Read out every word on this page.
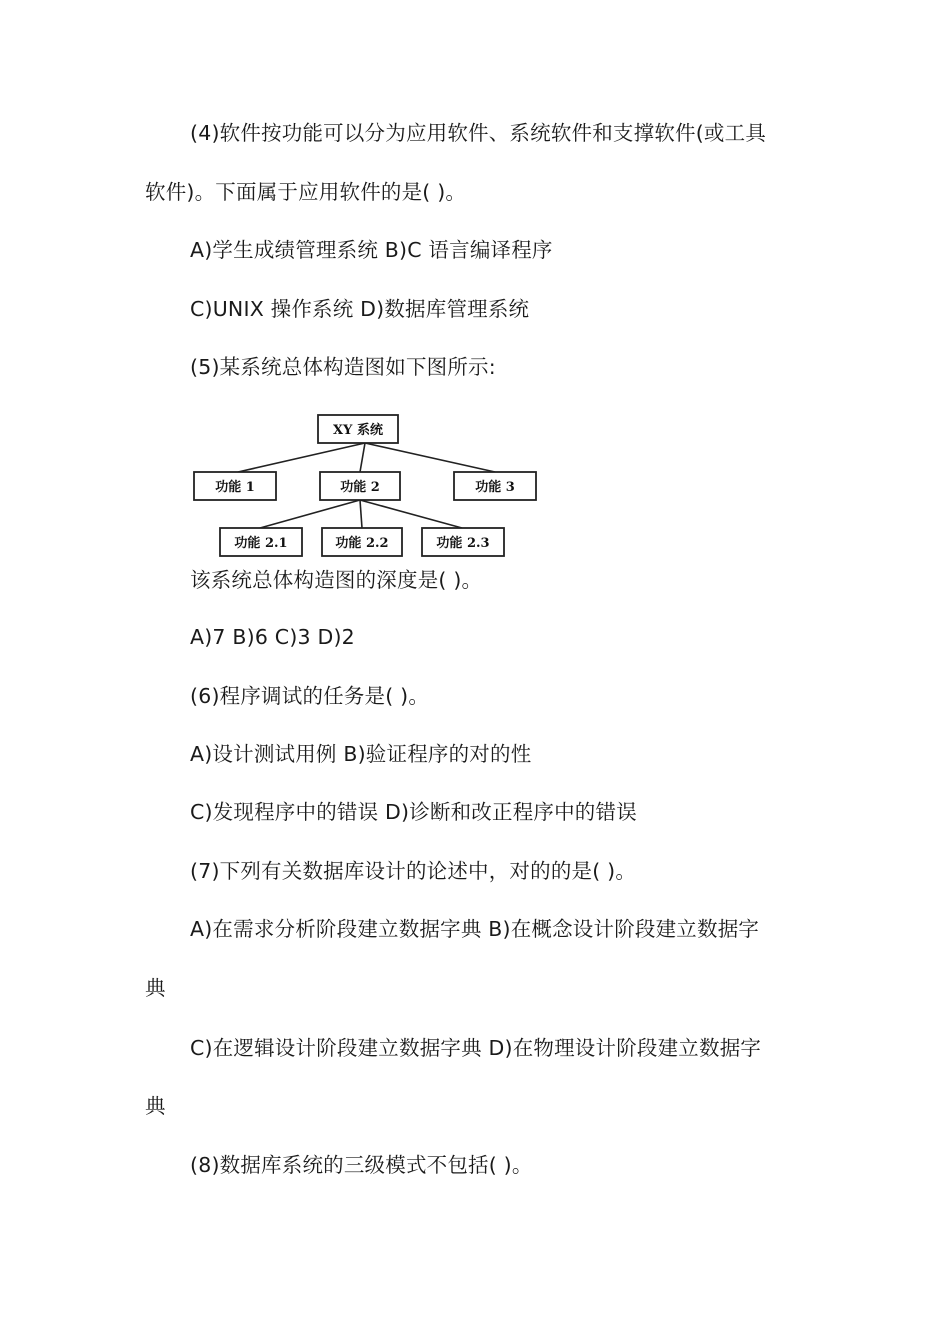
(4)软件按功能可以分为应用软件、系统软件和支撑软件(或工具
软件)。下面属于应用软件的是( )。
A)学生成绩管理系统 B)C 语言编译程序
C)UNIX 操作系统 D)数据库管理系统
(5)某系统总体构造图如下图所示:
XY 系统
功能 1	功能 2	功能 3
功能 2.1	功能 2.2	功能 2.3
该系统总体构造图的深度是( )。
A)7 B)6 C)3 D)2
(6)程序调试的任务是( )。
A)设计测试用例 B)验证程序的对的性
C)发现程序中的错误 D)诊断和改正程序中的错误
(7)下列有关数据库设计的论述中，对的的是( )。
A)在需求分析阶段建立数据字典 B)在概念设计阶段建立数据字
典
C)在逻辑设计阶段建立数据字典 D)在物理设计阶段建立数据字
典
(8)数据库系统的三级模式不包括( )。
